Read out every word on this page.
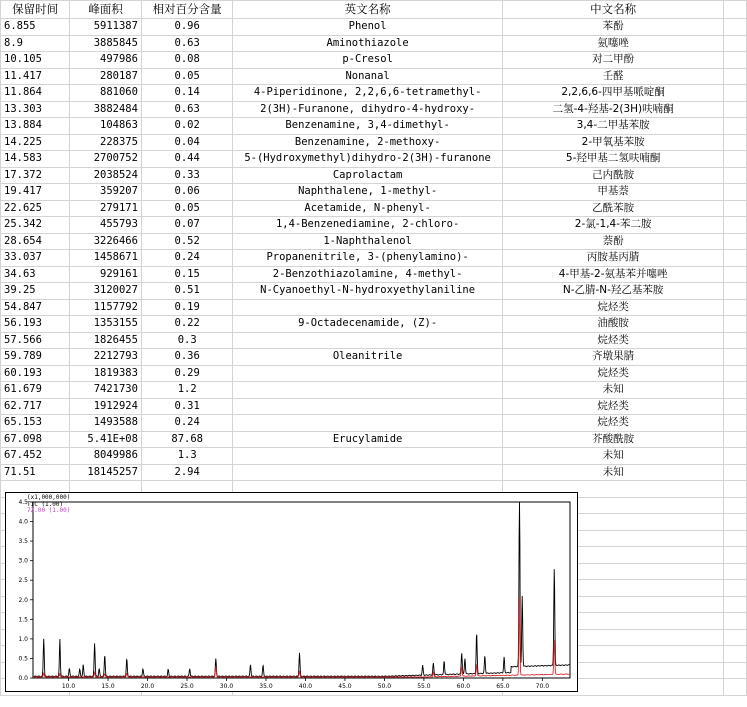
保留时间	峰面积	相对百分含量	英文名称	中文名称	
6.855	5911387	0.96	Phenol	苯酚	
8.9	3885845	0.63	Aminothiazole	氨噻唑	
10.105	497986	0.08	p-Cresol	对二甲酚	
11.417	280187	0.05	Nonanal	壬醛	
11.864	881060	0.14	4-Piperidinone, 2,2,6,6-tetramethyl-	2,2,6,6-四甲基哌啶酮	
13.303	3882484	0.63	2(3H)-Furanone, dihydro-4-hydroxy-	二氢-4-羟基-2(3H)呋喃酮	
13.884	104863	0.02	Benzenamine, 3,4-dimethyl-	3,4-二甲基苯胺	
14.225	228375	0.04	Benzenamine, 2-methoxy-	2-甲氧基苯胺	
14.583	2700752	0.44	5-(Hydroxymethyl)dihydro-2(3H)-furanone	5-羟甲基二氢呋喃酮	
17.372	2038524	0.33	Caprolactam	己内酰胺	
19.417	359207	0.06	Naphthalene, 1-methyl-	甲基萘	
22.625	279171	0.05	Acetamide, N-phenyl-	乙酰苯胺	
25.342	455793	0.07	1,4-Benzenediamine, 2-chloro-	2-氯-1,4-苯二胺	
28.654	3226466	0.52	1-Naphthalenol	萘酚	
33.037	1458671	0.24	Propanenitrile, 3-(phenylamino)-	丙胺基丙腈	
34.63	929161	0.15	2-Benzothiazolamine, 4-methyl-	4-甲基-2-氨基苯并噻唑	
39.25	3120027	0.51	N-Cyanoethyl-N-hydroxyethylaniline	N-乙腈-N-羟乙基苯胺	
54.847	1157792	0.19		烷烃类	
56.193	1353155	0.22	9-Octadecenamide, (Z)-	油酸胺	
57.566	1826455	0.3		烷烃类	
59.789	2212793	0.36	Oleanitrile	齐墩果腈	
60.193	1819383	0.29		烷烃类	
61.679	7421730	1.2		未知	
62.717	1912924	0.31		烷烃类	
65.153	1493588	0.24		烷烃类	
67.098	5.41E+08	87.68	Erucylamide	芥酸酰胺	
67.452	8049986	1.3		未知	
71.51	18145257	2.94		未知	

(x1,000,000)
TIC (1.00)
72.00 (1.00)
4.5
4.0
3.5
3.0
2.5
2.0
1.5
1.0
0.5
0.0
10.0	15.0	20.0	25.0	30.0	35.0	40.0	45.0	50.0	55.0	60.0	65.0	70.0
